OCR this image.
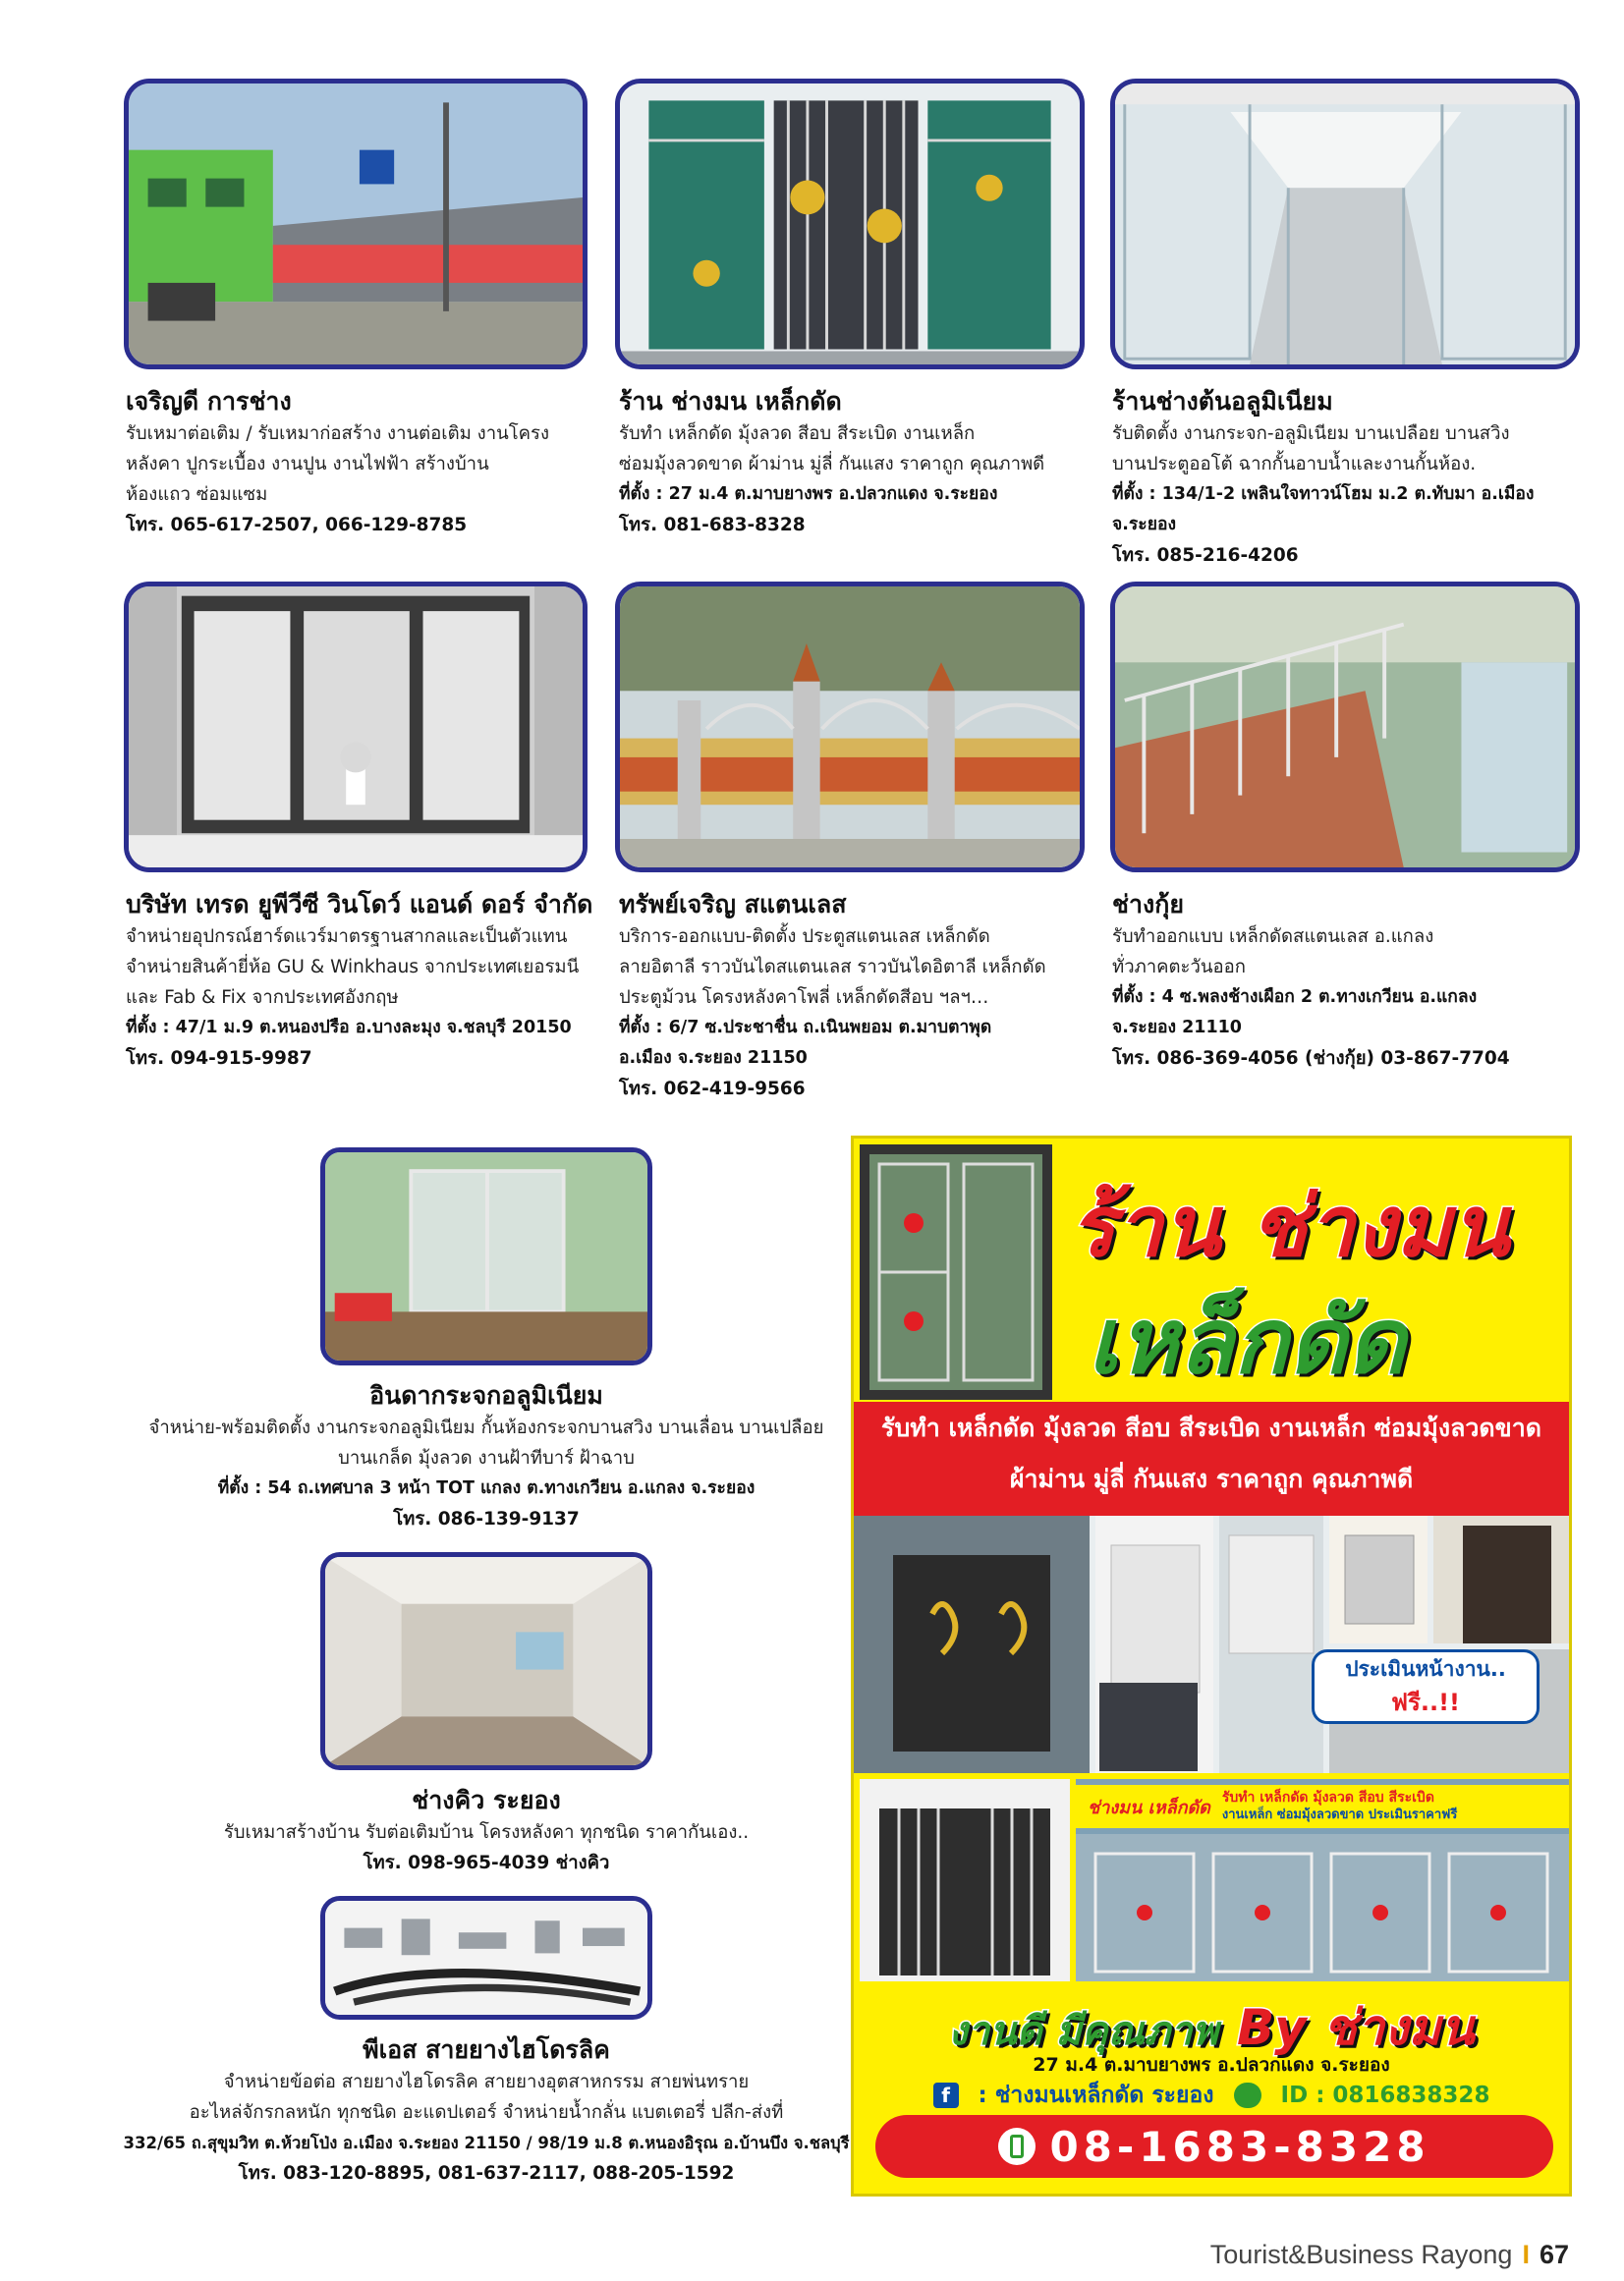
เจริญดี การช่าง
รับเหมาต่อเติม / รับเหมาก่อสร้าง งานต่อเติม งานโครง
หลังคา ปูกระเบื้อง งานปูน งานไฟฟ้า สร้างบ้าน
ห้องแถว ซ่อมแซม
โทร. 065-617-2507, 066-129-8785
ร้าน ช่างมน เหล็กดัด
รับทำ เหล็กดัด มุ้งลวด สีอบ สีระเบิด งานเหล็ก
ซ่อมมุ้งลวดขาด ผ้าม่าน มู่ลี่ กันแสง ราคาถูก คุณภาพดี
ที่ตั้ง : 27 ม.4 ต.มาบยางพร อ.ปลวกแดง จ.ระยอง
โทร. 081-683-8328
ร้านช่างต้นอลูมิเนียม
รับติดตั้ง งานกระจก-อลูมิเนียม บานเปลือย บานสวิง
บานประตูออโต้ ฉากกั้นอาบน้ำและงานกั้นห้อง.
ที่ตั้ง : 134/1-2 เพลินใจทาวน์โฮม ม.2 ต.ทับมา อ.เมือง จ.ระยอง
โทร. 085-216-4206
บริษัท เทรด ยูพีวีซี วินโดว์ แอนด์ ดอร์ จำกัด
จำหน่ายอุปกรณ์ฮาร์ดแวร์มาตรฐานสากลและเป็นตัวแทน
จำหน่ายสินค้ายี่ห้อ GU & Winkhaus จากประเทศเยอรมนี
และ Fab & Fix จากประเทศอังกฤษ
ที่ตั้ง : 47/1 ม.9 ต.หนองปรือ อ.บางละมุง จ.ชลบุรี 20150
โทร. 094-915-9987
ทรัพย์เจริญ สแตนเลส
บริการ-ออกแบบ-ติดตั้ง ประตูสแตนเลส เหล็กดัด
ลายอิตาลี ราวบันไดสแตนเลส ราวบันไดอิตาลี เหล็กดัด
ประตูม้วน โครงหลังคาโพลี่ เหล็กดัดสีอบ ฯลฯ…
ที่ตั้ง : 6/7 ซ.ประชาชื่น ถ.เนินพยอม ต.มาบตาพุด
อ.เมือง จ.ระยอง 21150
โทร. 062-419-9566
ช่างกุ้ย
รับทำออกแบบ เหล็กดัดสแตนเลส อ.แกลง
ทั่วภาคตะวันออก
ที่ตั้ง : 4 ซ.พลงช้างเผือก 2 ต.ทางเกวียน อ.แกลง
จ.ระยอง 21110
โทร. 086-369-4056 (ช่างกุ้ย) 03-867-7704
อินดากระจกอลูมิเนียม
จำหน่าย-พร้อมติดตั้ง งานกระจกอลูมิเนียม กั้นห้องกระจกบานสวิง บานเลื่อน บานเปลือย
บานเกล็ด มุ้งลวด งานฝ้าทีบาร์ ฝ้าฉาบ
ที่ตั้ง : 54 ถ.เทศบาล 3 หน้า TOT แกลง ต.ทางเกวียน อ.แกลง จ.ระยอง
โทร. 086-139-9137
ช่างคิว ระยอง
รับเหมาสร้างบ้าน รับต่อเติมบ้าน โครงหลังคา ทุกชนิด ราคากันเอง..
โทร. 098-965-4039 ช่างคิว
พีเอส สายยางไฮโดรลิค
จำหน่ายข้อต่อ สายยางไฮโดรลิค สายยางอุตสาหกรรม สายพ่นทราย
อะไหล่จักรกลหนัก ทุกชนิด อะแดปเตอร์ จำหน่ายน้ำกลั่น แบตเตอรี่ ปลีก-ส่งที่
332/65 ถ.สุขุมวิท ต.ห้วยโป่ง อ.เมือง จ.ระยอง 21150 / 98/19 ม.8 ต.หนองอิรุณ อ.บ้านบึง จ.ชลบุรี
โทร. 083-120-8895, 081-637-2117, 088-205-1592
ร้าน ช่างมน
เหล็กดัด
รับทำ เหล็กดัด มุ้งลวด สีอบ สีระเบิด งานเหล็ก ซ่อมมุ้งลวดขาด
ผ้าม่าน มู่ลี่ กันแสง ราคาถูก คุณภาพดี
ประเมินหน้างาน..
ฟรี..!!
ช่างมน เหล็กดัด รับทำ เหล็กดัด มุ้งลวด สีอบ สีระเบิด
งานเหล็ก ซ่อมมุ้งลวดขาด ประเมินราคาฟรี
งานดี มีคุณภาพ By ช่างมน
27 ม.4 ต.มาบยางพร อ.ปลวกแดง จ.ระยอง
f	: ช่างมนเหล็กดัด ระยอง	ID : 0816838328
08-1683-8328
Tourist&Business Rayong I 67
